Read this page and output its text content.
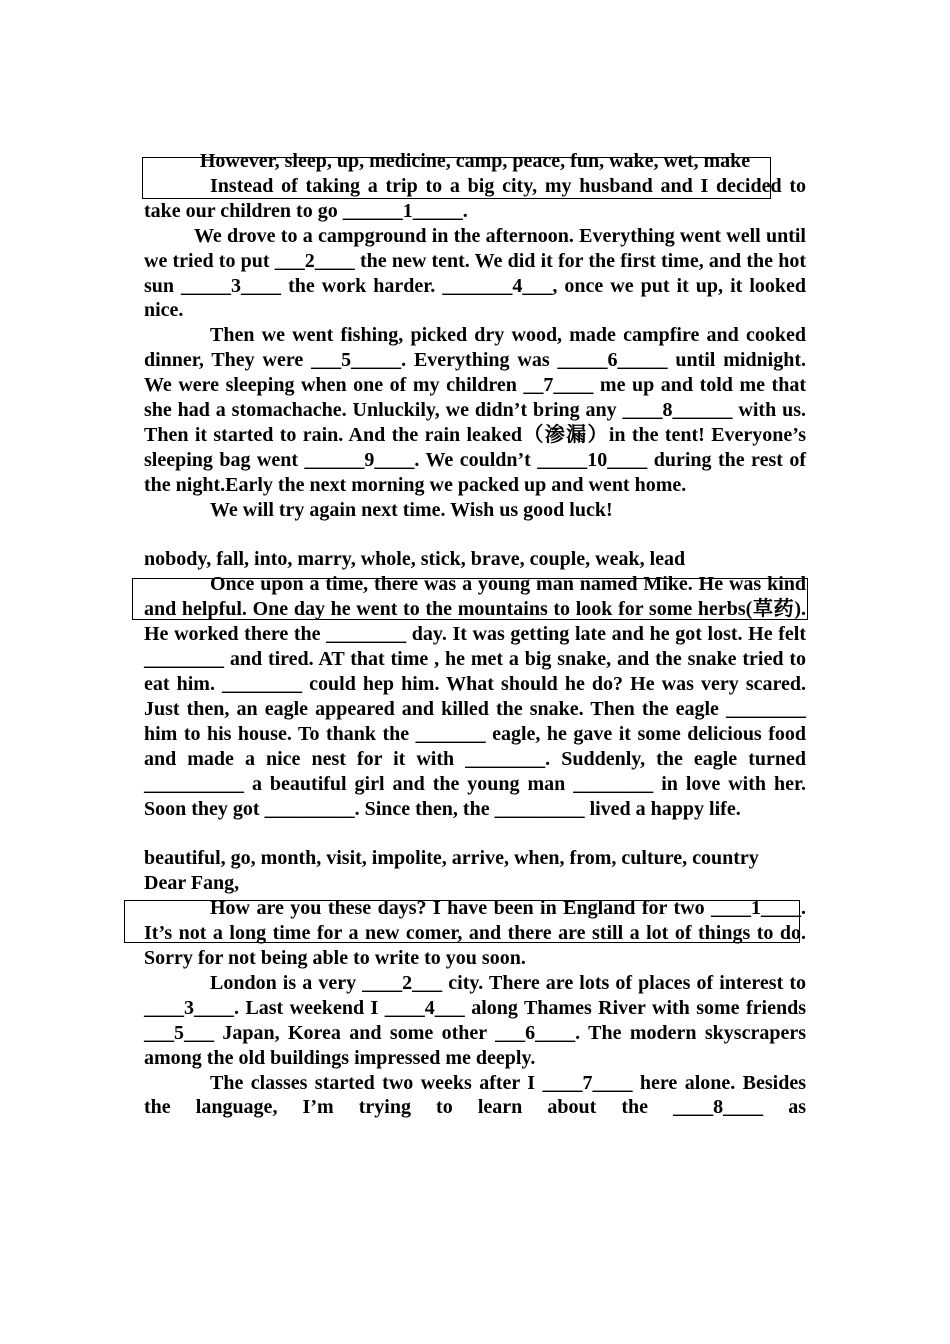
However, sleep, up, medicine, camp, peace, fun, wake, wet, make

Instead of taking a trip to a big city, my husband and I decided to take our children to go ______1_____.

We drove to a campground in the afternoon. Everything went well until we tried to put ___2____ the new tent. We did it for the first time, and the hot sun _____3____ the work harder. _______4___, once we put it up, it looked nice.

Then we went fishing, picked dry wood, made campfire and cooked dinner, They were ___5_____. Everything was _____6_____ until midnight. We were sleeping when one of my children __7____ me up and told me that she had a stomachache. Unluckily, we didn’t bring any ____8______ with us. Then it started to rain. And the rain leaked（渗漏）in the tent! Everyone’s sleeping bag went ______9____. We couldn’t _____10____ during the rest of the night.Early the next morning we packed up and went home.

We will try again next time. Wish us good luck!

nobody, fall, into, marry, whole, stick, brave, couple, weak, lead

Once upon a time, there was a young man named Mike. He was kind and helpful. One day he went to the mountains to look for some herbs(草药). He worked there the ________ day. It was getting late and he got lost. He felt ________ and tired. AT that time , he met a big snake, and the snake tried to eat him. ________ could hep him. What should he do? He was very scared. Just then, an eagle appeared and killed the snake. Then the eagle ________ him to his house. To thank the _______ eagle, he gave it some delicious food and made a nice nest for it with ________. Suddenly, the eagle turned __________ a beautiful girl and the young man ________ in love with her. Soon they got _________. Since then, the _________ lived a happy life.

beautiful, go, month, visit, impolite, arrive, when, from, culture, country

Dear Fang,

How are you these days? I have been in England for two ____1____. It’s not a long time for a new comer, and there are still a lot of things to do. Sorry for not being able to write to you soon.

London is a very ____2___ city. There are lots of places of interest to ____3____. Last weekend I ____4___ along Thames River with some friends ___5___ Japan, Korea and some other ___6____. The modern skyscrapers among the old buildings impressed me deeply.

The classes started two weeks after I ____7____ here alone. Besides the language, I’m trying to learn about the ____8____ as
